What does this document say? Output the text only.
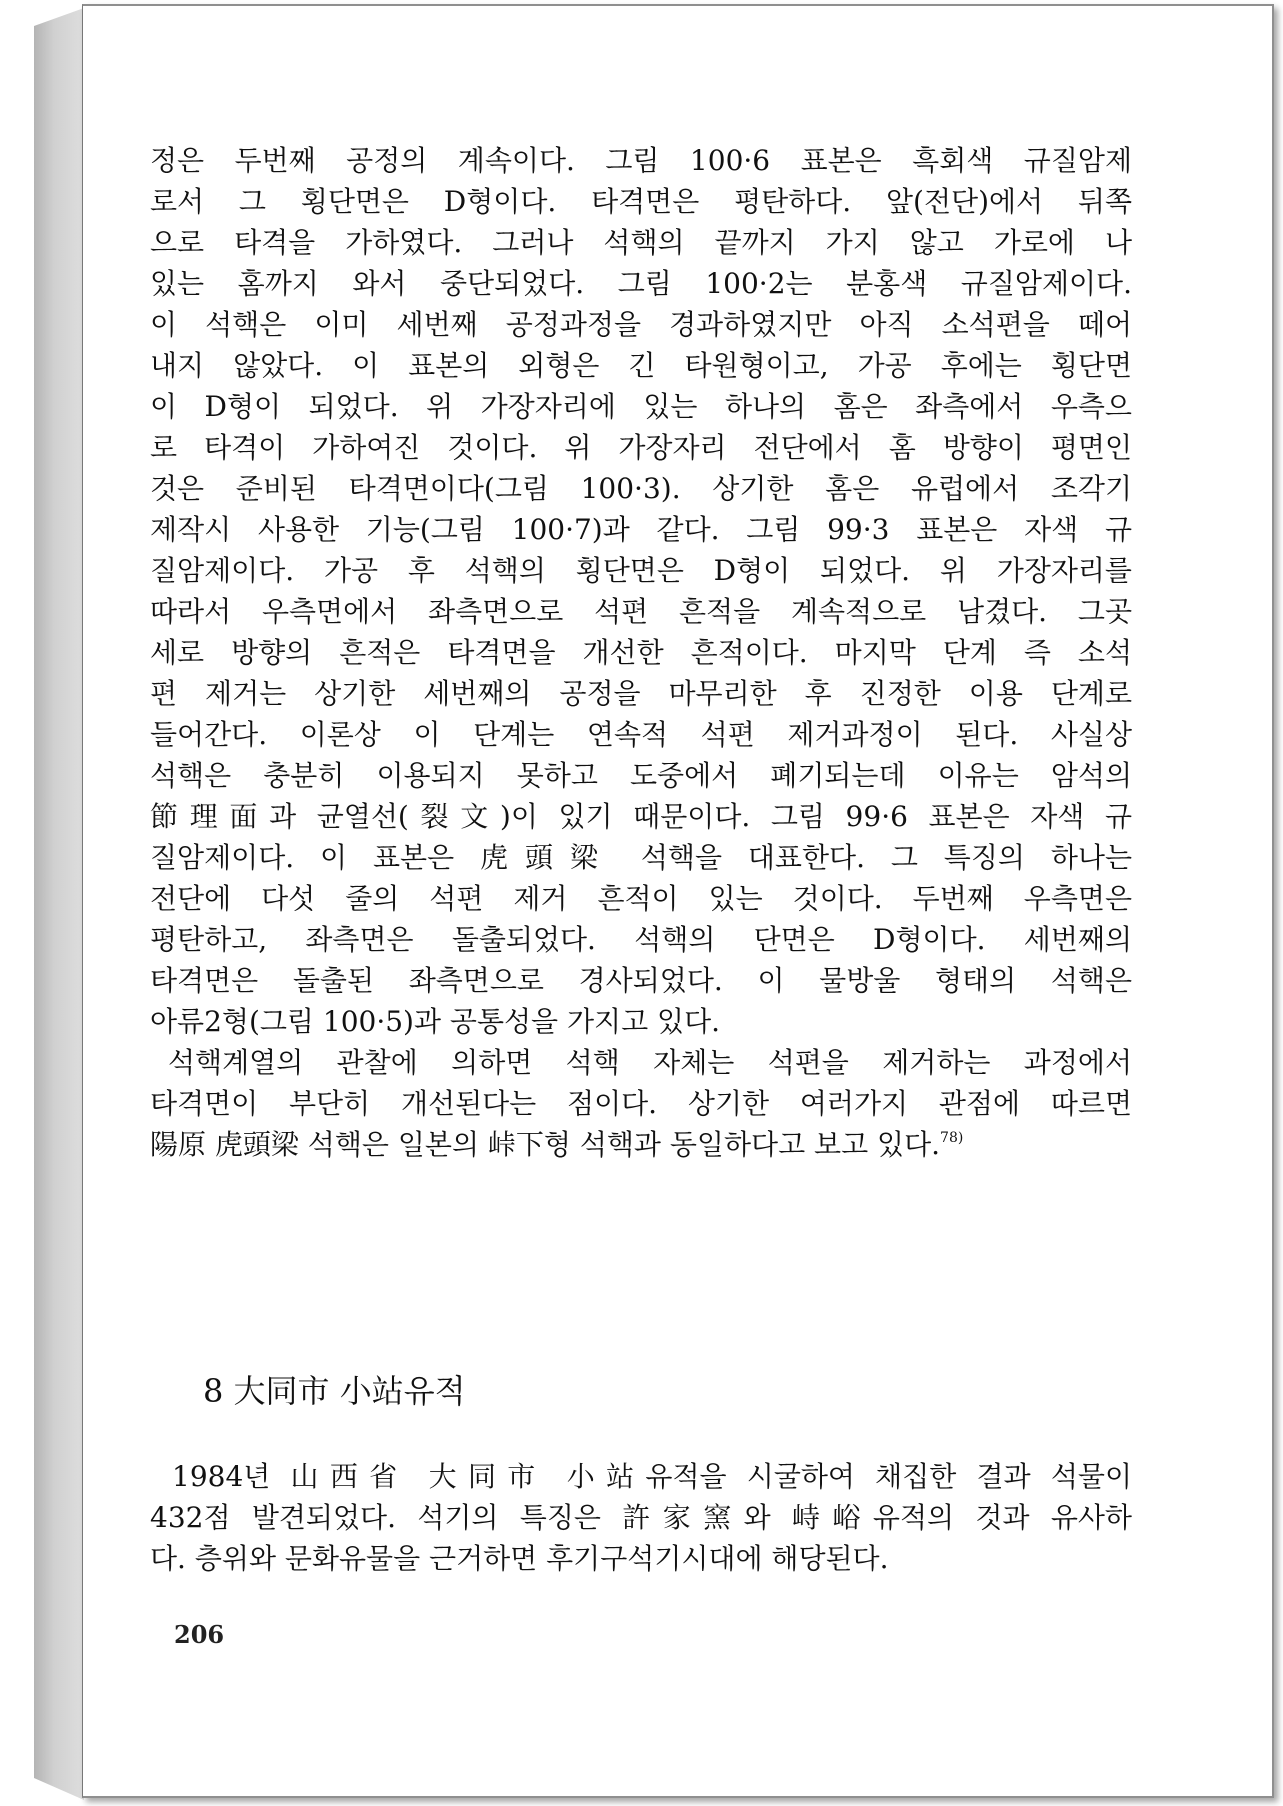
정은 두번째 공정의 계속이다. 그림 100·6 표본은 흑회색 규질암제
로서 그 횡단면은 D형이다. 타격면은 평탄하다. 앞(전단)에서 뒤쪽
으로 타격을 가하였다. 그러나 석핵의 끝까지 가지 않고 가로에 나
있는 홈까지 와서 중단되었다. 그림 100·2는 분홍색 규질암제이다.
이 석핵은 이미 세번째 공정과정을 경과하였지만 아직 소석편을 떼어
내지 않았다. 이 표본의 외형은 긴 타원형이고, 가공 후에는 횡단면
이 D형이 되었다. 위 가장자리에 있는 하나의 홈은 좌측에서 우측으
로 타격이 가하여진 것이다. 위 가장자리 전단에서 홈 방향이 평면인
것은 준비된 타격면이다(그림 100·3). 상기한 홈은 유럽에서 조각기
제작시 사용한 기능(그림 100·7)과 같다. 그림 99·3 표본은 자색 규
질암제이다. 가공 후 석핵의 횡단면은 D형이 되었다. 위 가장자리를
따라서 우측면에서 좌측면으로 석편 흔적을 계속적으로 남겼다. 그곳
세로 방향의 흔적은 타격면을 개선한 흔적이다. 마지막 단계 즉 소석
편 제거는 상기한 세번째의 공정을 마무리한 후 진정한 이용 단계로
들어간다. 이론상 이 단계는 연속적 석편 제거과정이 된다. 사실상
석핵은 충분히 이용되지 못하고 도중에서 폐기되는데 이유는 암석의
節理面과 균열선(裂文)이 있기 때문이다. 그림 99·6 표본은 자색 규
질암제이다. 이 표본은 虎頭梁 석핵을 대표한다. 그 특징의 하나는
전단에 다섯 줄의 석편 제거 흔적이 있는 것이다. 두번째 우측면은
평탄하고, 좌측면은 돌출되었다. 석핵의 단면은 D형이다. 세번째의
타격면은 돌출된 좌측면으로 경사되었다. 이 물방울 형태의 석핵은
아류2형(그림 100·5)과 공통성을 가지고 있다.
석핵계열의 관찰에 의하면 석핵 자체는 석편을 제거하는 과정에서
타격면이 부단히 개선된다는 점이다. 상기한 여러가지 관점에 따르면
陽原 虎頭梁 석핵은 일본의 峠下형 석핵과 동일하다고 보고 있다.$^{78)}$
8 大同市 小站유적
1984년 山西省 大同市 小站유적을 시굴하여 채집한 결과 석물이
432점 발견되었다. 석기의 특징은 許家窯와 峙峪유적의 것과 유사하
다. 층위와 문화유물을 근거하면 후기구석기시대에 해당된다.
206
